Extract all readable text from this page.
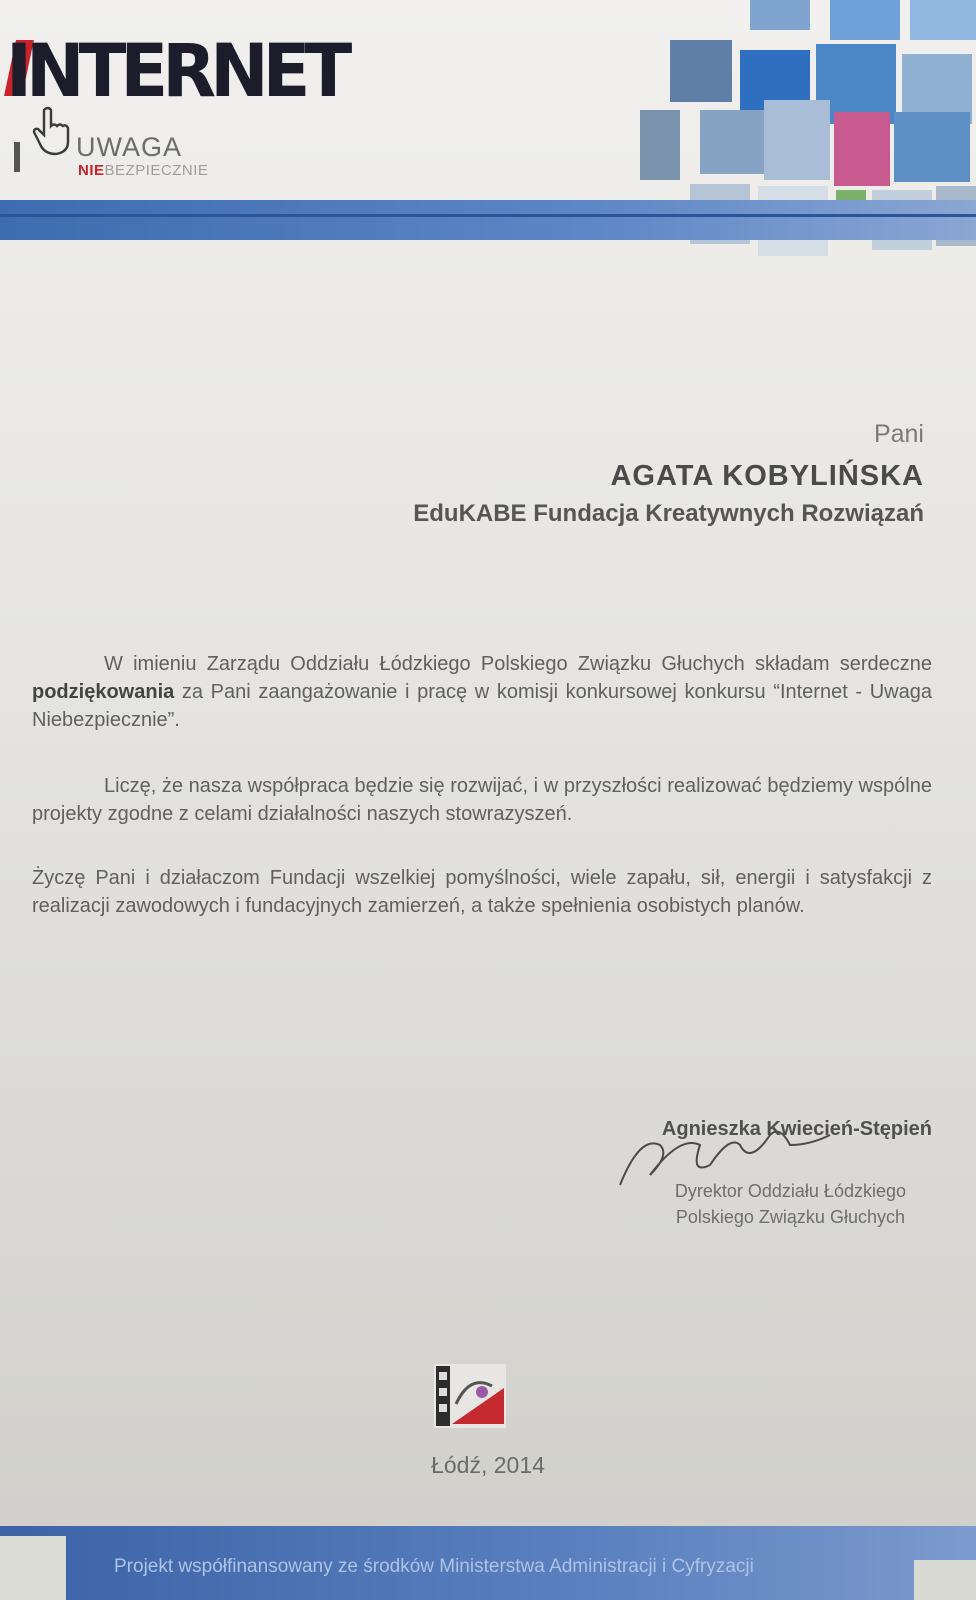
INTERNET
UWAGA
NIEBEZPIECZNIE
Pani
AGATA KOBYLIŃSKA
EduKABE Fundacja Kreatywnych Rozwiązań
W imieniu Zarządu Oddziału Łódzkiego Polskiego Związku Głuchych składam serdeczne podziękowania za Pani zaangażowanie i pracę w komisji konkursowej konkursu “Internet - Uwaga Niebezpiecznie”.
Liczę, że nasza współpraca będzie się rozwijać, i w przyszłości realizować będziemy wspólne projekty zgodne z celami działalności naszych stowrazyszeń.
Życzę Pani i działaczom Fundacji wszelkiej pomyślności, wiele zapału, sił, energii i satysfakcji z realizacji zawodowych i fundacyjnych zamierzeń, a także spełnienia osobistych planów.
Agnieszka Kwiecień-Stępień
Dyrektor Oddziału Łódzkiego
Polskiego Związku Głuchych
Łódź, 2014
Projekt współfinansowany ze środków Ministerstwa Administracji i Cyfryzacji
